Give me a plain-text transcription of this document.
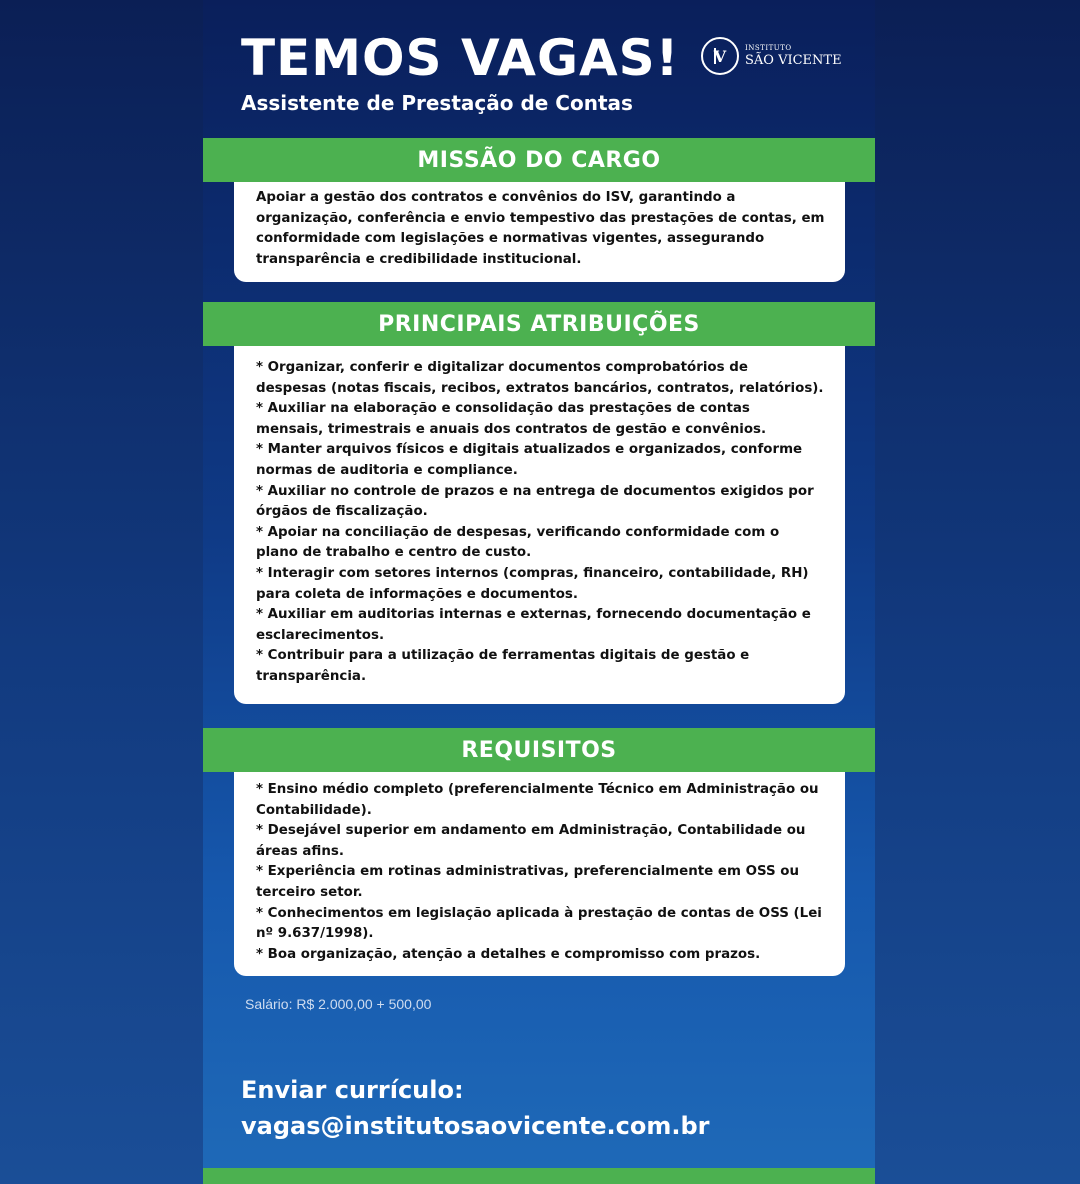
TEMOS VAGAS!
Assistente de Prestação de Contas
V	INSTITUTO
SÃO VICENTE
MISSÃO DO CARGO

Apoiar a gestão dos contratos e convênios do ISV, garantindo a

organização, conferência e envio tempestivo das prestações de contas, em

conformidade com legislações e normativas vigentes, assegurando

transparência e credibilidade institucional.

PRINCIPAIS ATRIBUIÇÕES

* Organizar, conferir e digitalizar documentos comprobatórios de

despesas (notas fiscais, recibos, extratos bancários, contratos, relatórios).

* Auxiliar na elaboração e consolidação das prestações de contas

mensais, trimestrais e anuais dos contratos de gestão e convênios.

* Manter arquivos físicos e digitais atualizados e organizados, conforme

normas de auditoria e compliance.

* Auxiliar no controle de prazos e na entrega de documentos exigidos por

órgãos de fiscalização.

* Apoiar na conciliação de despesas, verificando conformidade com o

plano de trabalho e centro de custo.

* Interagir com setores internos (compras, financeiro, contabilidade, RH)

para coleta de informações e documentos.

* Auxiliar em auditorias internas e externas, fornecendo documentação e

esclarecimentos.

* Contribuir para a utilização de ferramentas digitais de gestão e

transparência.

REQUISITOS

* Ensino médio completo (preferencialmente Técnico em Administração ou

Contabilidade).

* Desejável superior em andamento em Administração, Contabilidade ou

áreas afins.

* Experiência em rotinas administrativas, preferencialmente em OSS ou

terceiro setor.

* Conhecimentos em legislação aplicada à prestação de contas de OSS (Lei

nº 9.637/1998).

* Boa organização, atenção a detalhes e compromisso com prazos.

Salário: R$ 2.000,00 + 500,00
Enviar currículo:
vagas@institutosaovicente.com.br
